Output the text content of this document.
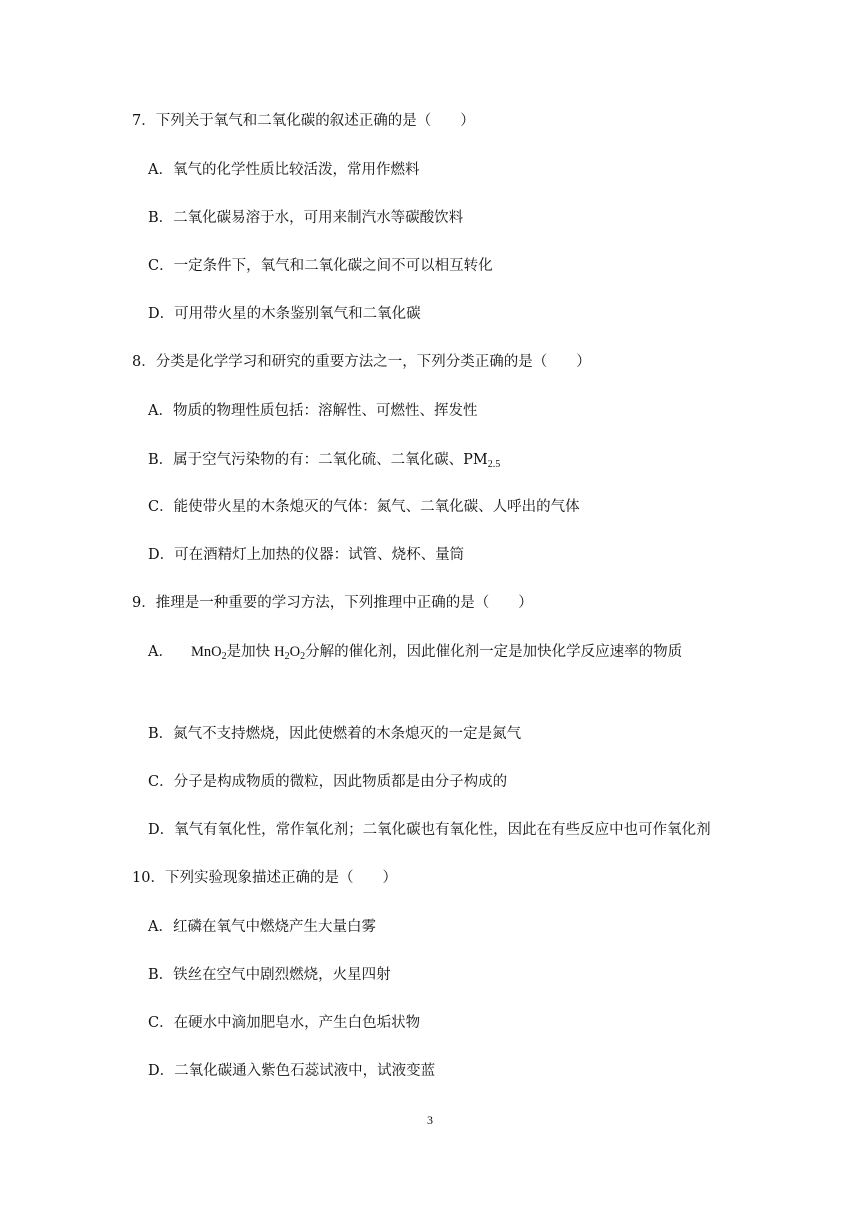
7．下列关于氧气和二氧化碳的叙述正确的是（　　）
A．氧气的化学性质比较活泼，常用作燃料
B．二氧化碳易溶于水，可用来制汽水等碳酸饮料
C．一定条件下，氧气和二氧化碳之间不可以相互转化
D．可用带火星的木条鉴别氧气和二氧化碳
8．分类是化学学习和研究的重要方法之一，下列分类正确的是（　　）
A．物质的物理性质包括：溶解性、可燃性、挥发性
B．属于空气污染物的有：二氧化硫、二氧化碳、$PM_{2.5}$
C．能使带火星的木条熄灭的气体：氮气、二氧化碳、人呼出的气体
D．可在酒精灯上加热的仪器：试管、烧杯、量筒
9．推理是一种重要的学习方法，下列推理中正确的是（　　）
A． MnO$_2$是加快 $H_2O_2$分解的催化剂，因此催化剂一定是加快化学反应速率的物质
B．氮气不支持燃烧，因此使燃着的木条熄灭的一定是氮气
C．分子是构成物质的微粒，因此物质都是由分子构成的
D．氧气有氧化性，常作氧化剂；二氧化碳也有氧化性，因此在有些反应中也可作氧化剂
10．下列实验现象描述正确的是（　　）
A．红磷在氧气中燃烧产生大量白雾
B．铁丝在空气中剧烈燃烧，火星四射
C．在硬水中滴加肥皂水，产生白色垢状物
D．二氧化碳通入紫色石蕊试液中，试液变蓝
3
